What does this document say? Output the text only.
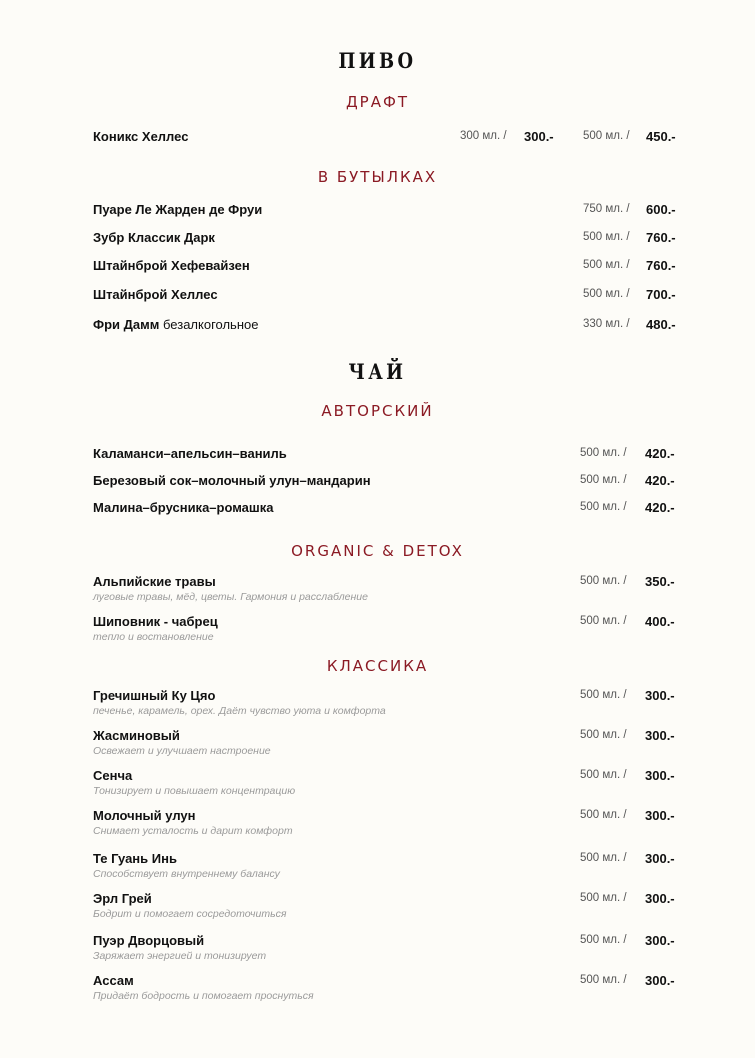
ПИВО
ДРАФТ
Коникс Хеллес	300 мл. / 300.-	500 мл. / 450.-
В БУТЫЛКАХ
Пуаре Ле Жарден де Фруи	750 мл. / 600.-
Зубр Классик Дарк	500 мл. / 760.-
Штайнброй Хефевайзен	500 мл. / 760.-
Штайнброй Хеллес	500 мл. / 700.-
Фри Дамм безалкогольное	330 мл. / 480.-
ЧАЙ
АВТОРСКИЙ
Каламанси–апельсин–ваниль	500 мл. / 420.-
Березовый сок–молочный улун–мандарин	500 мл. / 420.-
Малина–брусника–ромашка	500 мл. / 420.-
ORGANIC & DETOX
Альпийские травы
луговые травы, мёд, цветы. Гармония и расслабление
500 мл. / 350.-
Шиповник - чабрец
тепло и востановление
500 мл. / 400.-
КЛАССИКА
Гречишный Ку Цяо
печенье, карамель, орех. Даёт чувство уюта и комфорта
500 мл. / 300.-
Жасминовый
Освежает и улучшает настроение
500 мл. / 300.-
Сенча
Тонизирует и повышает концентрацию
500 мл. / 300.-
Молочный улун
Снимает усталость и дарит комфорт
500 мл. / 300.-
Те Гуань Инь
Способствует внутреннему балансу
500 мл. / 300.-
Эрл Грей
Бодрит и помогает сосредоточиться
500 мл. / 300.-
Пуэр Дворцовый
Заряжает энергией и тонизирует
500 мл. / 300.-
Ассам
Придаёт бодрость и помогает проснуться
500 мл. / 300.-
